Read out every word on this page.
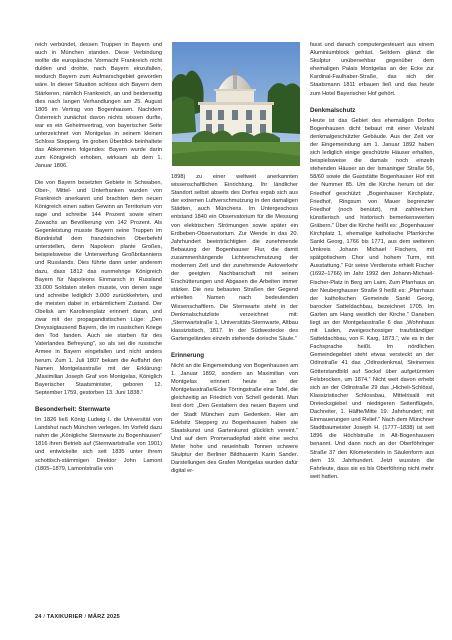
reich verbündet, dessen Truppen in Bayern und auch in München standen. Diese Verbindung wollte die europäische Vormacht Frankreich nicht dulden und drohte, nach Bayern einzufallen, wodurch Bayern zum Aufmarschgebiet geworden wäre. In dieser Situation schloss sich Bayern dem Stärkeren, nämlich Frankreich, an und beiderseitig dies nach langen Verhandlungen am 25. August 1805 im Vertrag von Bogenhausen. Nachdem Österreich zunächst davon nichts wissen durfte, war es ein Geheimvertrag, von bayerischer Seite unterzeichnet von Montgelas in seinem kleinen Schloss Stepperg. Im groben Überblick beinhaltete das Abkommen folgendes: Bayern wurde darin zum Königreich erhoben, wirksam ab dem 1. Januar 1806.

Die von Bayern besetzten Gebiete in Schwaben, Ober-, Mittel- und Unterfranken wurden von Frankreich anerkannt und brachten dem neuen Königreich einen satten Gewinn an Territorium von sage und schreibe 144 Prozent sowie einen Zuwachs an Bevölkerung von 142 Prozent. Als Gegenleistung musste Bayern seine Truppen im Bündnisfall dem französischen Oberbefehl unterstellen, denn Napoleon plante Großes, beispielsweise die Unterwerfung Großbritanniens und Russlands. Dies führte dann unter anderem dazu, dass 1812 das nunmehrige Königreich Bayern für Napoleons Einmarsch in Russland 33.000 Soldaten stellen musste, von denen sage und schreibe lediglich 3.000 zurückkehrten, und die meisten dabei in erbärmlichem Zustand. Der Obelisk am Karolinenplatz erinnert daran, und zwar mit der propagandistischen Lüge: „Den Dreyssigtausend Bayern, die im russischen Kriege den Tod fanden. Auch sie starben für des Vaterlandes Befreyung”, so als sei die russische Armee in Bayern eingefallen und nicht anders herum. Zum 1. Juli 1807 bekam die Auffahrt den Namen Montgelasstraße mit der Erklärung: „Maximilian Joseph Graf von Montgelas, Königlich Bayerischer Staatsminister, geboren 12. September 1759, gestorben 13. Juni 1838.”

Besonderheit: Sternwarte

Im 1826 ließ König Ludwig I. die Universität von Landshut nach München verlegen. Im Vorfeld dazu nahm die „Königliche Sternwarte zu Bogenhausen” 1816 ihren Betrieb auf (Sternwartstraße von 1901) und entwickelte sich seit 1835 unter ihrem schottisch-stämmigen Direktor John Lamont (1805–1879, Lamontstraße von

1898) zu einer weltweit anerkannten wissenschaftlichen Einrichtung. Ihr ländlicher Standort selbst abseits des Dorfes ergab sich aus der extremen Luftverschmutzung in den damaligen Städten, auch Münchens. Im Untergeschoss entstand 1840 ein Observatorium für die Messung von elektrischen Strömungen sowie später ein Erdbeben-Observatorium. Zur Wende in das 20. Jahrhundert beeinträchtigten die zunehmende Bebauung der Bogenhauser Flur, die damit zusammenhängende Lichtverschmutzung der modernen Zeit und der zunehmende Autoverkehr der geeigten Nachbarschaft mit seinen Erschütterungen und Abgasen die Arbeiten immer stärker. Die neu bebauten Straßen der Gegend erhielten Namen nach bedeutenden Wissenschaftlern. Die Sternwarte steht in der Denkmalschutzliste verzeichnet mit: „Sternwartstraße 1, Universitäts-Sternwarte, Altbau klassizistisch, 1817. In der Südwestecke des Gartengeländes einzeln stehende dorische Säule.”

Erinnerung

Nicht an die Eingemeindung von Bogenhausen am 1. Januar 1892, sondern an Maximilian von Montgelas erinnert heute an der Montgelasstraße/Ecke Törringstraße eine Tafel, die gleichzeitig an Friedrich von Schell gedenkt. Man liest dort: „Den Gestaltern des neuen Bayern und der Stadt München zum Gedenken. Hier am Edelsitz Stepperg zu Bogenhausen haben sie Staatskunst und Gartenkunst glücklich vereint.” Und auf dem Promenadepfad steht eine sechs Meter hohe und neueinhalb Tonnen schwere Skulptur der Berliner Bildhauerin Karin Sander. Darstellungen des Grafen Montgelas wurden dafür digital er-

fasst und danach computergesteuert aus einem Aluminiumblock gefräst. Seitdem glänzt die Skulptur unübersehbar gegenüber dem ehemaligen Palais Montgelas an der Ecke zur Kardinal-Faulhaber-Straße, das sich der Staatsmann 1811 erbauen ließ und das heute zum Hotel Bayerischer Hof gehört.

Denkmalschutz

Heute ist das Gebiet des ehemaligen Dorfes Bogenhausen dicht bebaut mit einer Vielzahl denkmalgeschützter Gebäude. Aus der Zeit vor der Eingemeindung am 1. Januar 1892 haben sich lediglich einige geschützte Häuser erhalten, beispielsweise die damals noch einzeln stehenden Häuser an der Ismaninger Straße 56, 58/60 sowie die Gaststätte Bogenhauser Hof mit der Nummer 85. Um die Kirche herum ist der Friedhof geschützt: „Bogenhauser Kirchplatz, Friedhof, Ringsum von Mauer begrenzter Friedhof (noch benützt), mit zahlreichen künstlerisch und historisch bemerkenswerten Gräbern.” Über die Kirche heißt es: „Bogenhauser Kirchplatz 1, ehemalige katholische Pfarrkirche Sankt Georg, 1766 bis 1771, aus dem weiteren Umkreis Johann Michael Fischers, mit spätgotischem Chor und hohem Turm, mit Ausstattung.” Für seine Verdienste erhielt Fischer (1692–1766) im Jahr 1992 den Johann-Michael-Fischer-Platz in Berg am Laim. Zum Pfarrhaus an der Neuberghauser Straße 9 heißt es: „Pfarrhaus der katholischen Gemeinde Sankt Georg, barocker Satteldachbau, bezeichnet 1705. Im Garten am Hang westlich der Kirche.” Daneben liegt an der Montgelasstraße 6 das „Wohnhaus mit Laden, zweigeschossiger traufständiger Satteldachbau, von F. Karg, 1873.”, wie es in der Fachsprache heißt. Im nördlichen Gemeindegebiet steht etwas versteckt an der Odinstraße 41 das „Odinsdenkmal, Steinernes Götterstandbild auf Sockel über aufgetürmten Felsbrocken, um 1874.” Nicht weit davon erhebt sich an der Odinstraße 29 das „Hicheli-Schlössl, Klassizistischer Schlossbau, Mittelrisalit mit Dreiecksgiebel und niedrigeren Seitenflügeln, Dachreiter, 1. Hälfte/Mitte 19. Jahrhundert; mit Einmauerungen und Relief.” Nach dem Münchner Stadtbaumeister Joseph H. (1777–1838) ist seit 1896 die Höchlstraße in Alt-Bogenhausen benannt. Und dann noch an der Oberföhringer Straße 37 den Kilometerstein in Säulenform aus dem 19. Jahrhundert. Jetzt wussten die Fahrleute, dass sie es bis Oberföhring nicht mehr weit hatten.

24 / TAXIKURIER / MÄRZ 2025
